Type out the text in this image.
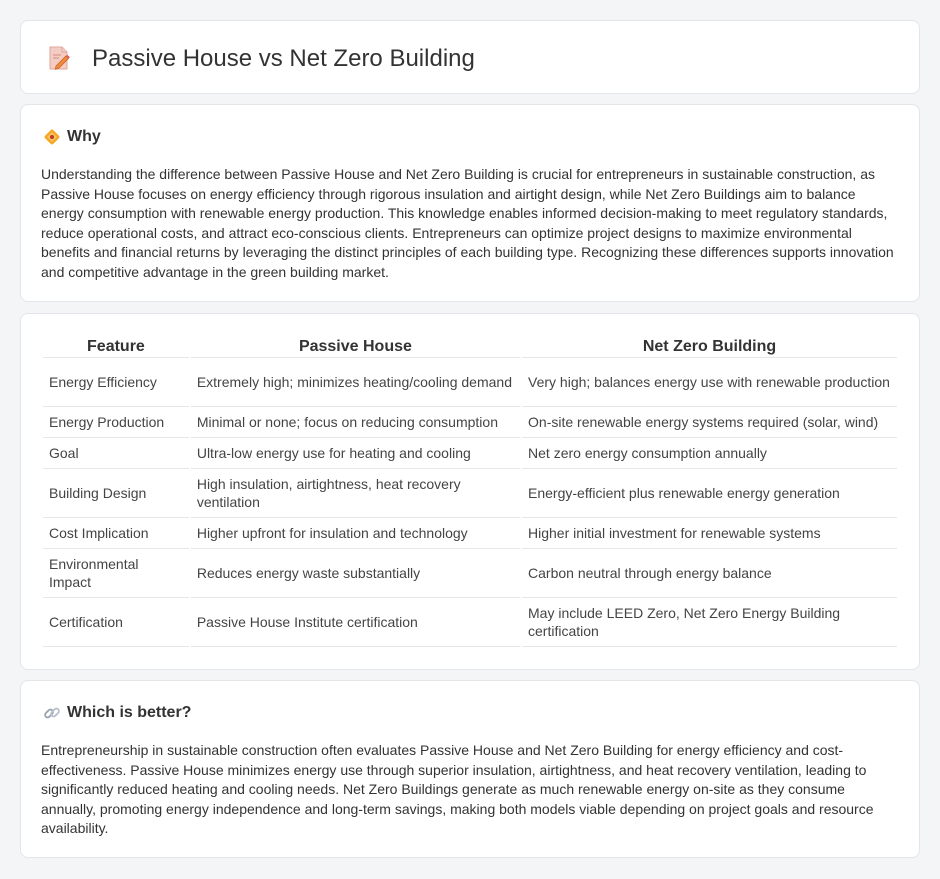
Passive House vs Net Zero Building
Why

Understanding the difference between Passive House and Net Zero Building is crucial for entrepreneurs in sustainable construction, as Passive House focuses on energy efficiency through rigorous insulation and airtight design, while Net Zero Buildings aim to balance energy consumption with renewable energy production. This knowledge enables informed decision-making to meet regulatory standards, reduce operational costs, and attract eco-conscious clients. Entrepreneurs can optimize project designs to maximize environmental benefits and financial returns by leveraging the distinct principles of each building type. Recognizing these differences supports innovation and competitive advantage in the green building market.

Feature	Passive House	Net Zero Building
Energy Efficiency	Extremely high; minimizes heating/cooling demand	Very high; balances energy use with renewable production
Energy Production	Minimal or none; focus on reducing consumption	On-site renewable energy systems required (solar, wind)
Goal	Ultra-low energy use for heating and cooling	Net zero energy consumption annually
Building Design	High insulation, airtightness, heat recovery ventilation	Energy-efficient plus renewable energy generation
Cost Implication	Higher upfront for insulation and technology	Higher initial investment for renewable systems
Environmental Impact	Reduces energy waste substantially	Carbon neutral through energy balance
Certification	Passive House Institute certification	May include LEED Zero, Net Zero Energy Building certification
Which is better?

Entrepreneurship in sustainable construction often evaluates Passive House and Net Zero Building for energy efficiency and cost-effectiveness. Passive House minimizes energy use through superior insulation, airtightness, and heat recovery ventilation, leading to significantly reduced heating and cooling needs. Net Zero Buildings generate as much renewable energy on-site as they consume annually, promoting energy independence and long-term savings, making both models viable depending on project goals and resource availability.
